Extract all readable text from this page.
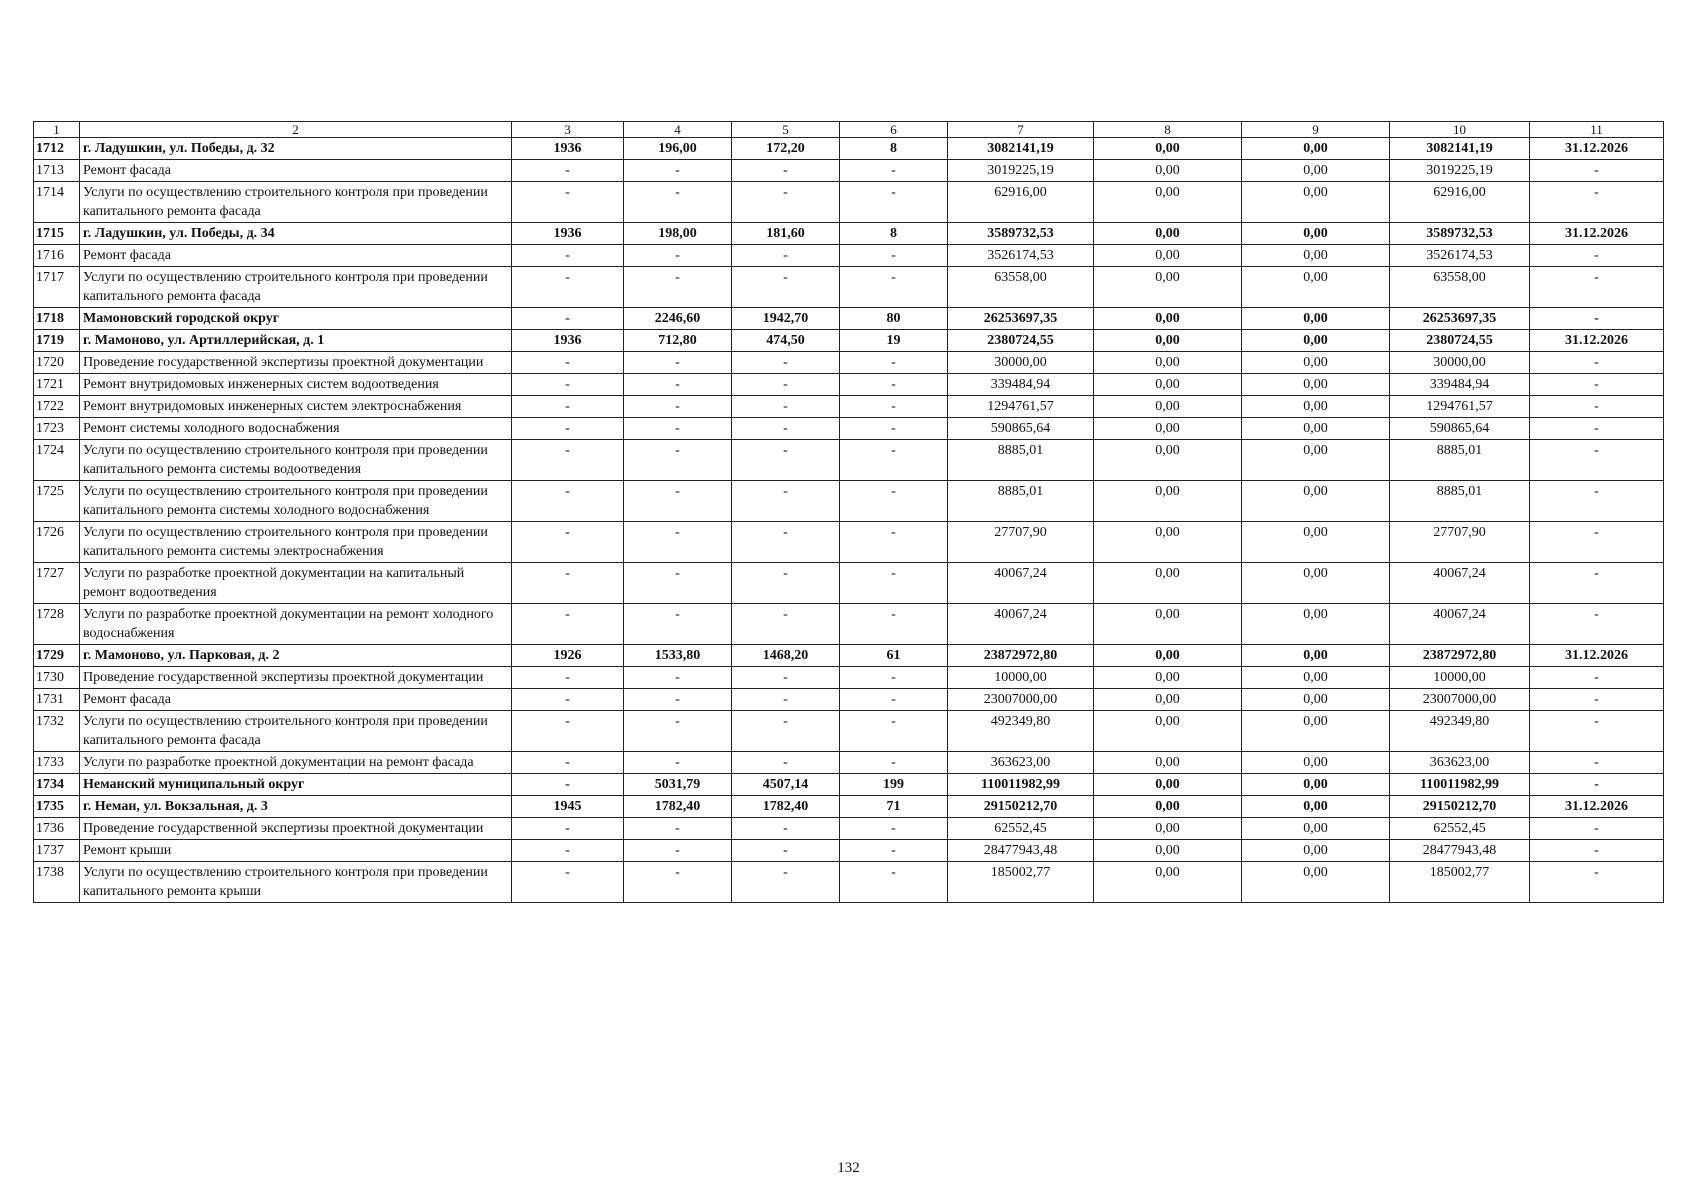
1	2	3	4	5	6	7	8	9	10	11
1712	г. Ладушкин, ул. Победы, д. 32	1936	196,00	172,20	8	3082141,19	0,00	0,00	3082141,19	31.12.2026
1713	Ремонт фасада	-	-	-	-	3019225,19	0,00	0,00	3019225,19	-
1714	Услуги по осуществлению строительного контроля при проведении капитального ремонта фасада	-	-	-	-	62916,00	0,00	0,00	62916,00	-
1715	г. Ладушкин, ул. Победы, д. 34	1936	198,00	181,60	8	3589732,53	0,00	0,00	3589732,53	31.12.2026
1716	Ремонт фасада	-	-	-	-	3526174,53	0,00	0,00	3526174,53	-
1717	Услуги по осуществлению строительного контроля при проведении капитального ремонта фасада	-	-	-	-	63558,00	0,00	0,00	63558,00	-
1718	Мамоновский городской округ	-	2246,60	1942,70	80	26253697,35	0,00	0,00	26253697,35	-
1719	г. Мамоново, ул. Артиллерийская, д. 1	1936	712,80	474,50	19	2380724,55	0,00	0,00	2380724,55	31.12.2026
1720	Проведение государственной экспертизы проектной документации	-	-	-	-	30000,00	0,00	0,00	30000,00	-
1721	Ремонт внутридомовых инженерных систем водоотведения	-	-	-	-	339484,94	0,00	0,00	339484,94	-
1722	Ремонт внутридомовых инженерных систем электроснабжения	-	-	-	-	1294761,57	0,00	0,00	1294761,57	-
1723	Ремонт системы холодного водоснабжения	-	-	-	-	590865,64	0,00	0,00	590865,64	-
1724	Услуги по осуществлению строительного контроля при проведении капитального ремонта системы водоотведения	-	-	-	-	8885,01	0,00	0,00	8885,01	-
1725	Услуги по осуществлению строительного контроля при проведении капитального ремонта системы холодного водоснабжения	-	-	-	-	8885,01	0,00	0,00	8885,01	-
1726	Услуги по осуществлению строительного контроля при проведении капитального ремонта системы электроснабжения	-	-	-	-	27707,90	0,00	0,00	27707,90	-
1727	Услуги по разработке проектной документации на капитальный ремонт водоотведения	-	-	-	-	40067,24	0,00	0,00	40067,24	-
1728	Услуги по разработке проектной документации на ремонт холодного водоснабжения	-	-	-	-	40067,24	0,00	0,00	40067,24	-
1729	г. Мамоново, ул. Парковая, д. 2	1926	1533,80	1468,20	61	23872972,80	0,00	0,00	23872972,80	31.12.2026
1730	Проведение государственной экспертизы проектной документации	-	-	-	-	10000,00	0,00	0,00	10000,00	-
1731	Ремонт фасада	-	-	-	-	23007000,00	0,00	0,00	23007000,00	-
1732	Услуги по осуществлению строительного контроля при проведении капитального ремонта фасада	-	-	-	-	492349,80	0,00	0,00	492349,80	-
1733	Услуги по разработке проектной документации на ремонт фасада	-	-	-	-	363623,00	0,00	0,00	363623,00	-
1734	Неманский муниципальный округ	-	5031,79	4507,14	199	110011982,99	0,00	0,00	110011982,99	-
1735	г. Неман, ул. Вокзальная, д. 3	1945	1782,40	1782,40	71	29150212,70	0,00	0,00	29150212,70	31.12.2026
1736	Проведение государственной экспертизы проектной документации	-	-	-	-	62552,45	0,00	0,00	62552,45	-
1737	Ремонт крыши	-	-	-	-	28477943,48	0,00	0,00	28477943,48	-
1738	Услуги по осуществлению строительного контроля при проведении капитального ремонта крыши	-	-	-	-	185002,77	0,00	0,00	185002,77	-
132
